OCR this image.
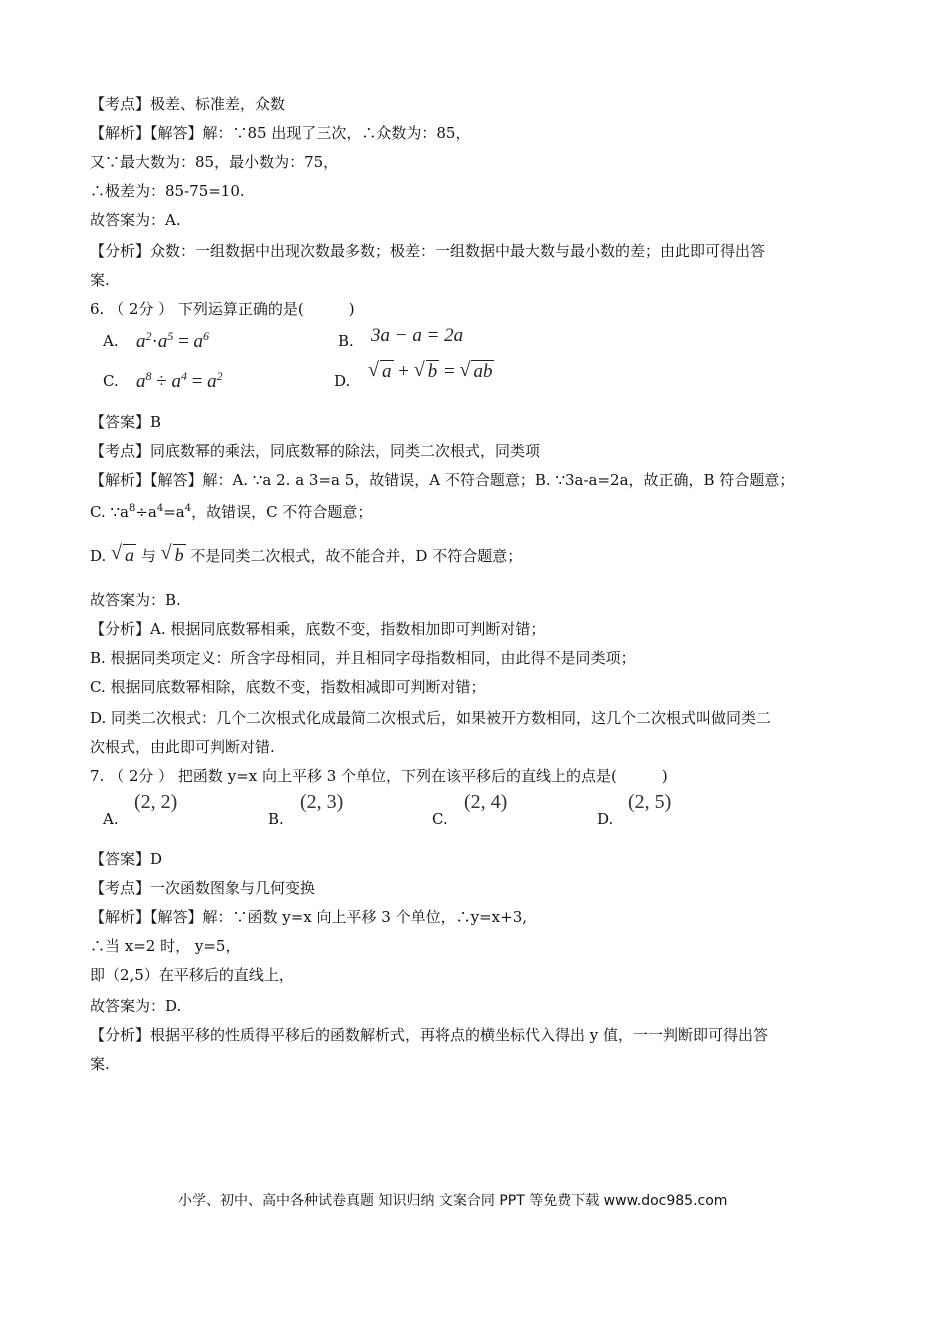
【考点】极差、标准差，众数
【解析】【解答】解：∵85 出现了三次，∴众数为：85，
又∵最大数为：85，最小数为：75，
∴极差为：85-75=10.
故答案为：A.
【分析】众数：一组数据中出现次数最多数；极差：一组数据中最大数与最小数的差；由此即可得出答
案.
6. （ 2分 ） 下列运算正确的是(　　　)
A. $a^2\cdot a^5 = a^6$	B. 3a − a = 2a
C. $a^8 \div a^4 = a^2$	D. √ a + √ b = √ ab
【答案】B
【考点】同底数幂的乘法，同底数幂的除法，同类二次根式，同类项
【解析】【解答】解：A. ∵a 2. a 3=a 5，故错误，A 不符合题意；B. ∵3a-a=2a，故正确，B 符合题意；
C. $\because a^8\div a^4=a^4$，故错误，C 不符合题意；
D. √ a 与 √ b 不是同类二次根式，故不能合并，D 不符合题意；
故答案为：B.
【分析】A. 根据同底数幂相乘，底数不变，指数相加即可判断对错；
B. 根据同类项定义：所含字母相同，并且相同字母指数相同，由此得不是同类项；
C. 根据同底数幂相除，底数不变，指数相减即可判断对错；
D. 同类二次根式：几个二次根式化成最简二次根式后，如果被开方数相同，这几个二次根式叫做同类二
次根式，由此即可判断对错.
7. （ 2分 ） 把函数 y=x 向上平移 3 个单位，下列在该平移后的直线上的点是(　　　)
A.
(2, 2)
B.
(2, 3)
C.
(2, 4)
D.
(2, 5)
【答案】D
【考点】一次函数图象与几何变换
【解析】【解答】解：∵函数 y=x 向上平移 3 个单位，∴y=x+3,
∴当 x=2 时， y=5，
即（2,5）在平移后的直线上，
故答案为：D.
【分析】根据平移的性质得平移后的函数解析式，再将点的横坐标代入得出 y 值，一一判断即可得出答
案.
小学、初中、高中各种试卷真题 知识归纳 文案合同 PPT 等免费下载 www.doc985.com
